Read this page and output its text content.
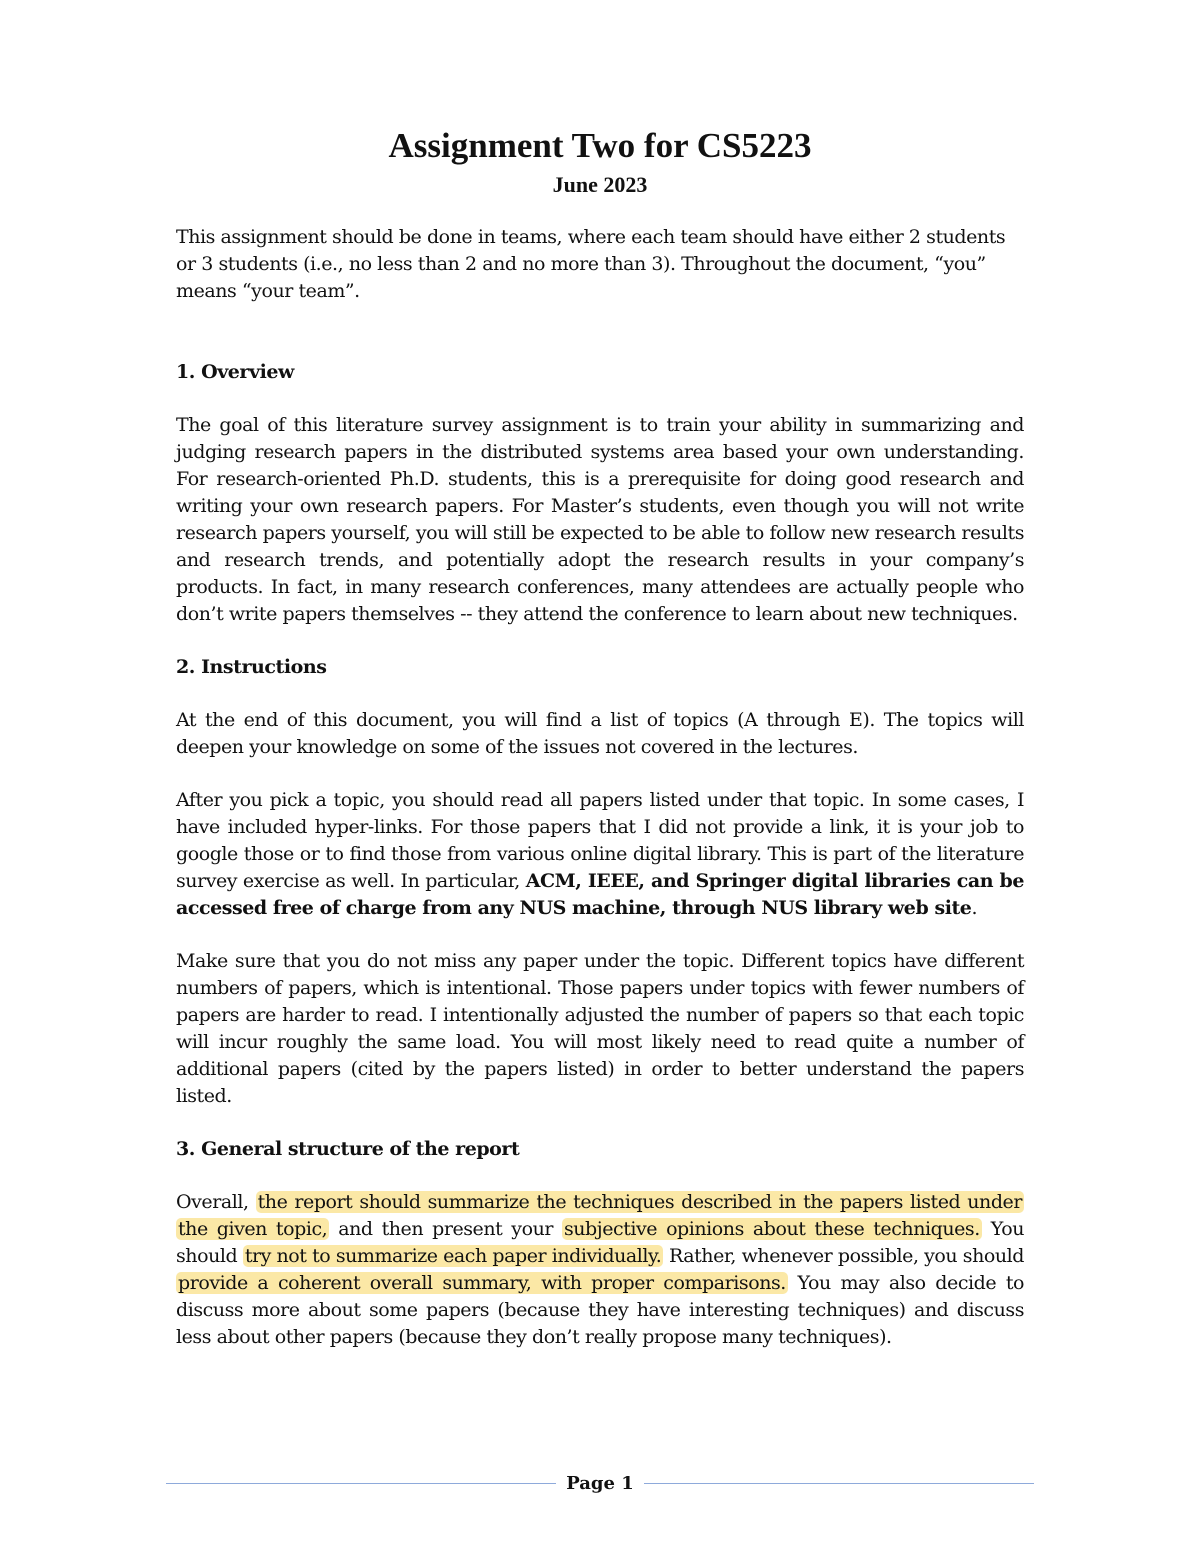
Assignment Two for CS5223
June 2023

This assignment should be done in teams, where each team should have either 2 students or 3 students (i.e., no less than 2 and no more than 3). Throughout the document, “you” means “your team”.

1. Overview

The goal of this literature survey assignment is to train your ability in summarizing and judging research papers in the distributed systems area based your own understanding. For research-oriented Ph.D. students, this is a prerequisite for doing good research and writing your own research papers. For Master’s students, even though you will not write research papers yourself, you will still be expected to be able to follow new research results and research trends, and potentially adopt the research results in your company’s products. In fact, in many research conferences, many attendees are actually people who don’t write papers themselves -- they attend the conference to learn about new techniques.

2. Instructions

At the end of this document, you will find a list of topics (A through E). The topics will deepen your knowledge on some of the issues not covered in the lectures.

After you pick a topic, you should read all papers listed under that topic. In some cases, I have included hyper-links. For those papers that I did not provide a link, it is your job to google those or to find those from various online digital library. This is part of the literature survey exercise as well. In particular, ACM, IEEE, and Springer digital libraries can be accessed free of charge from any NUS machine, through NUS library web site.

Make sure that you do not miss any paper under the topic. Different topics have different numbers of papers, which is intentional. Those papers under topics with fewer numbers of papers are harder to read. I intentionally adjusted the number of papers so that each topic will incur roughly the same load. You will most likely need to read quite a number of additional papers (cited by the papers listed) in order to better understand the papers listed.

3. General structure of the report

Overall, the report should summarize the techniques described in the papers listed under the given topic, and then present your subjective opinions about these techniques. You should try not to summarize each paper individually. Rather, whenever possible, you should provide a coherent overall summary, with proper comparisons. You may also decide to discuss more about some papers (because they have interesting techniques) and discuss less about other papers (because they don’t really propose many techniques).

Page 1
